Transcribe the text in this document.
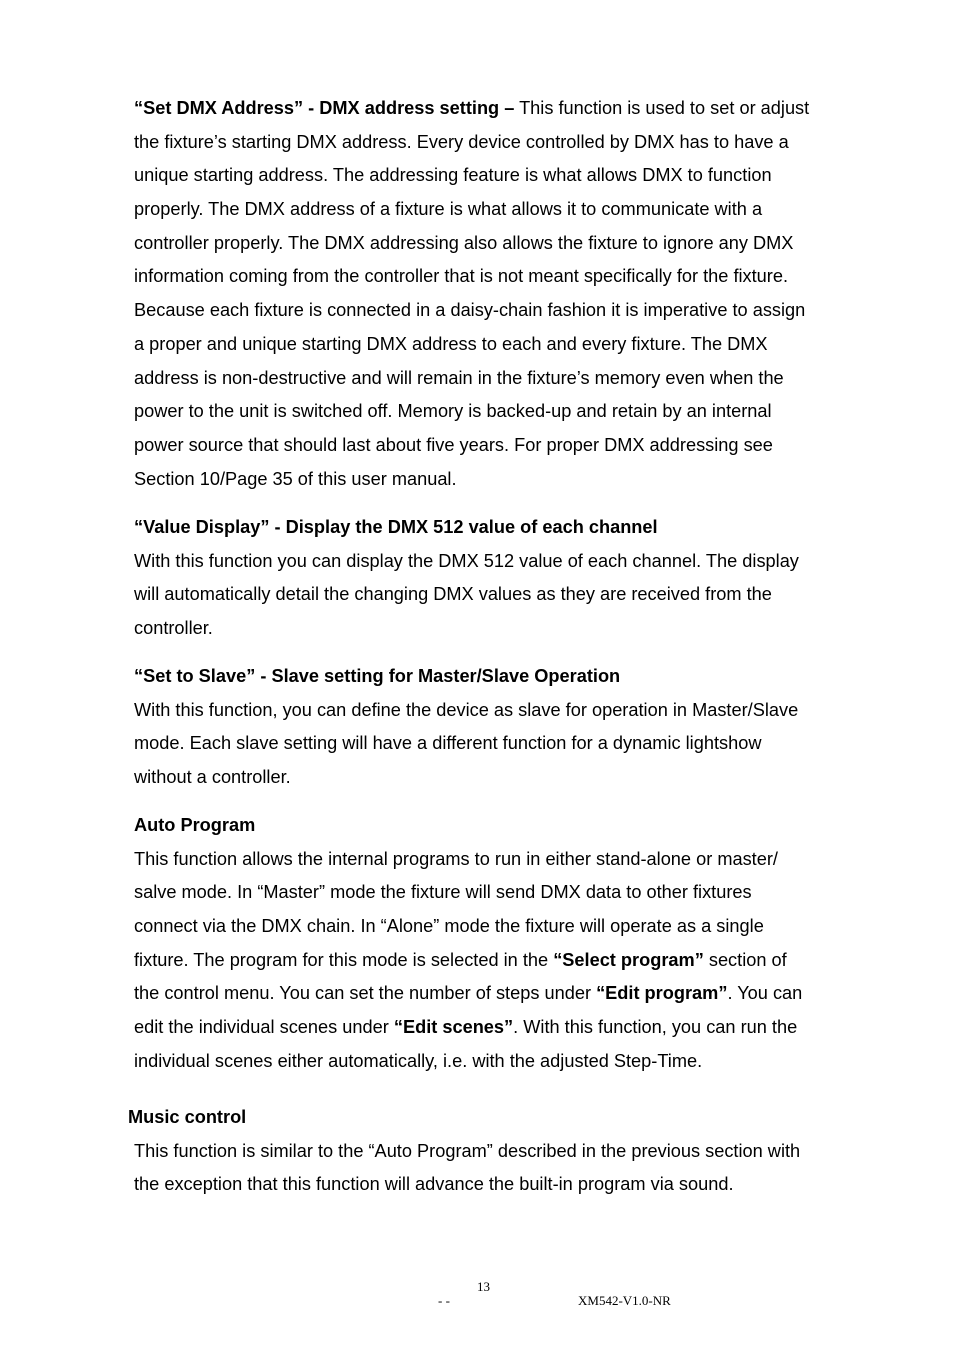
“Set DMX Address” - DMX address setting – This function is used to set or adjust
the fixture’s starting DMX address. Every device controlled by DMX has to have a
unique starting address. The addressing feature is what allows DMX to function
properly. The DMX address of a fixture is what allows it to communicate with a
controller properly. The DMX addressing also allows the fixture to ignore any DMX
information coming from the controller that is not meant specifically for the fixture.
Because each fixture is connected in a daisy-chain fashion it is imperative to assign
a proper and unique starting DMX address to each and every fixture. The DMX
address is non-destructive and will remain in the fixture’s memory even when the
power to the unit is switched off. Memory is backed-up and retain by an internal
power source that should last about five years. For proper DMX addressing see
Section 10/Page 35 of this user manual.
“Value Display” - Display the DMX 512 value of each channel
With this function you can display the DMX 512 value of each channel. The display
will automatically detail the changing DMX values as they are received from the
controller.
“Set to Slave” - Slave setting for Master/Slave Operation
With this function, you can define the device as slave for operation in Master/Slave
mode. Each slave setting will have a different function for a dynamic lightshow
without a controller.
Auto Program
This function allows the internal programs to run in either stand-alone or master/
salve mode. In “Master” mode the fixture will send DMX data to other fixtures
connect via the DMX chain. In “Alone” mode the fixture will operate as a single
fixture. The program for this mode is selected in the “Select program” section of
the control menu. You can set the number of steps under “Edit program”. You can
edit the individual scenes under “Edit scenes”. With this function, you can run the
individual scenes either automatically, i.e. with the adjusted Step-Time.
Music control
This function is similar to the “Auto Program” described in the previous section with
the exception that this function will advance the built-in program via sound.
13
- -	XM542-V1.0-NR
